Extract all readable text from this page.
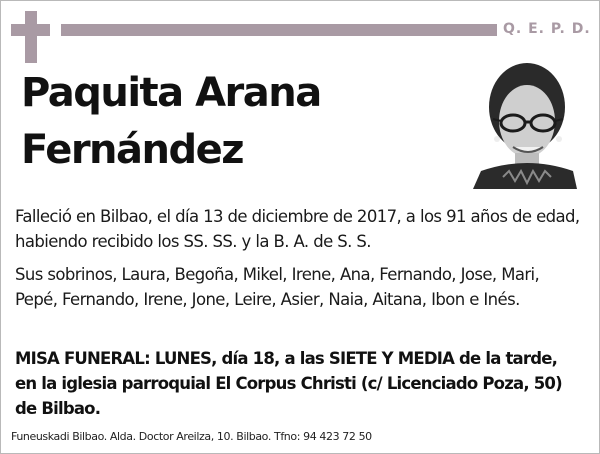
Q. E. P. D.
Paquita Arana
Fernández
Falleció en Bilbao, el día 13 de diciembre de 2017, a los 91 años de edad, habiendo recibido los SS. SS. y la B. A. de S. S.
Sus sobrinos, Laura, Begoña, Mikel, Irene, Ana, Fernando, Jose, Mari, Pepé, Fernando, Irene, Jone, Leire, Asier, Naia, Aitana, Ibon e Inés.
MISA FUNERAL: LUNES, día 18, a las SIETE Y MEDIA de la tarde, en la iglesia parroquial El Corpus Christi (c/ Licenciado Poza, 50) de Bilbao.
Funeuskadi Bilbao. Alda. Doctor Areilza, 10. Bilbao. Tfno: 94 423 72 50
